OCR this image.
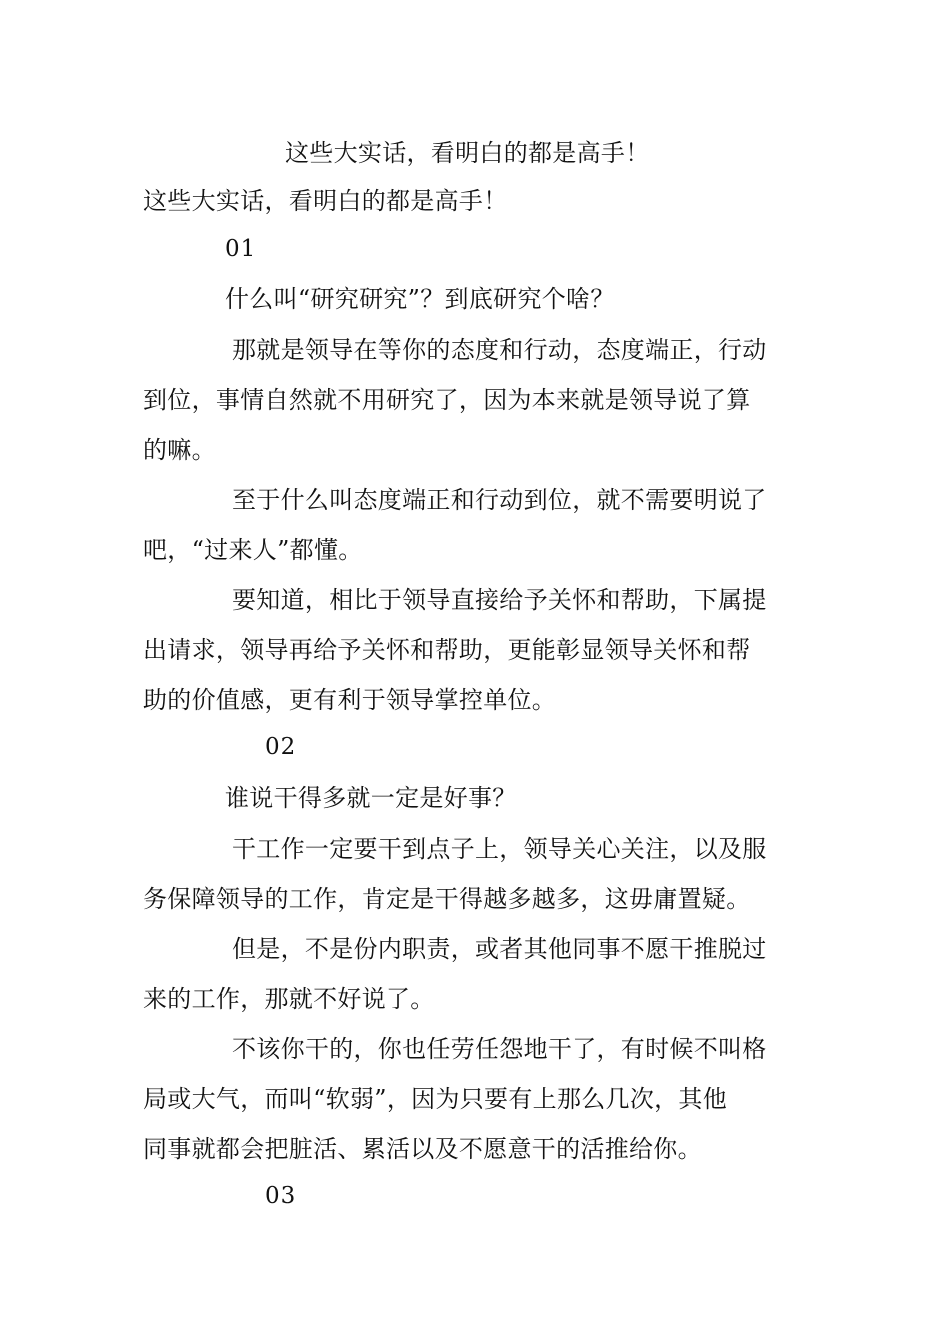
这些大实话，看明白的都是高手！
这些大实话，看明白的都是高手！
01
什么叫“研究研究”？到底研究个啥？
那就是领导在等你的态度和行动，态度端正，行动
到位，事情自然就不用研究了，因为本来就是领导说了算
的嘛。
至于什么叫态度端正和行动到位，就不需要明说了
吧，“过来人”都懂。
要知道，相比于领导直接给予关怀和帮助，下属提
出请求，领导再给予关怀和帮助，更能彰显领导关怀和帮
助的价值感，更有利于领导掌控单位。
02
谁说干得多就一定是好事？
干工作一定要干到点子上，领导关心关注，以及服
务保障领导的工作，肯定是干得越多越多，这毋庸置疑。
但是，不是份内职责，或者其他同事不愿干推脱过
来的工作，那就不好说了。
不该你干的，你也任劳任怨地干了，有时候不叫格
局或大气，而叫“软弱”，因为只要有上那么几次，其他
同事就都会把脏活、累活以及不愿意干的活推给你。
03
